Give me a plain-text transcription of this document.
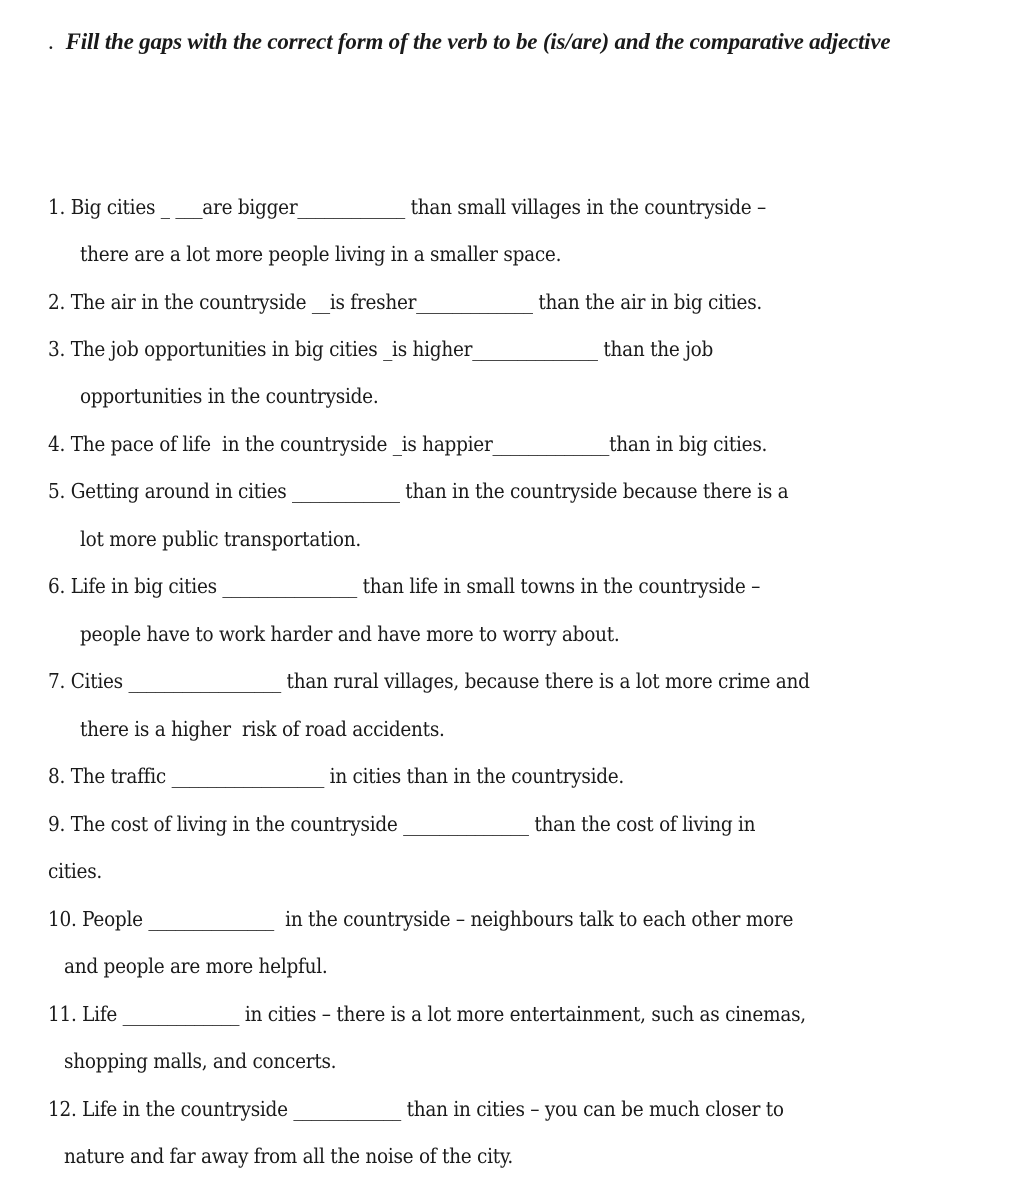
. Fill the gaps with the correct form of the verb to be (is/are) and the comparative adjective
1. Big cities _ ___are bigger____________ than small villages in the countryside –
there are a lot more people living in a smaller space.
2. The air in the countryside __is fresher_____________ than the air in big cities.
3. The job opportunities in big cities _is higher______________ than the job
opportunities in the countryside.
4. The pace of life  in the countryside _is happier_____________than in big cities.
5. Getting around in cities ____________ than in the countryside because there is a
lot more public transportation.
6. Life in big cities _______________ than life in small towns in the countryside –
people have to work harder and have more to worry about.
7. Cities _________________ than rural villages, because there is a lot more crime and
there is a higher  risk of road accidents.
8. The traffic _________________ in cities than in the countryside.
9. The cost of living in the countryside ______________ than the cost of living in
cities.
10. People ______________  in the countryside – neighbours talk to each other more
and people are more helpful.
11. Life _____________ in cities – there is a lot more entertainment, such as cinemas,
shopping malls, and concerts.
12. Life in the countryside ____________ than in cities – you can be much closer to
nature and far away from all the noise of the city.
